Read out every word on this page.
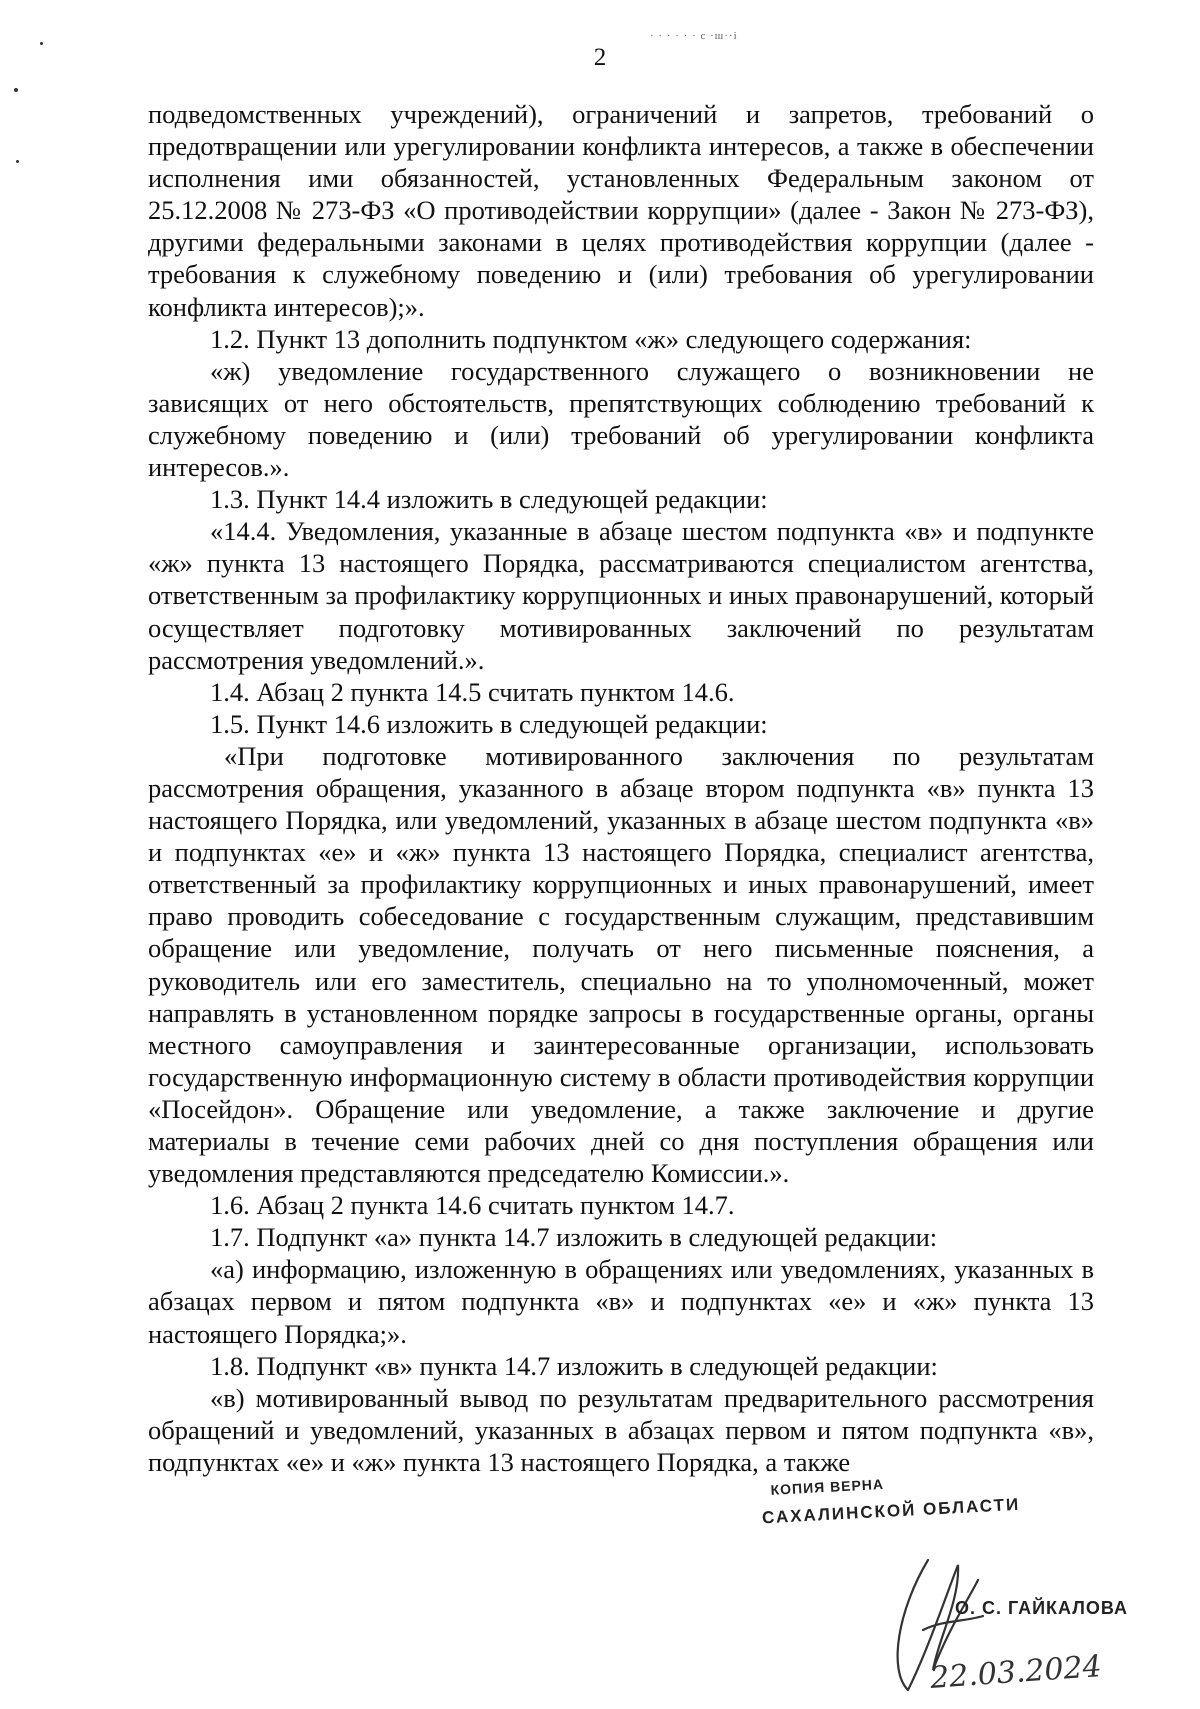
· · · · · · с ·ш··і
2

подведомственных учреждений), ограничений и запретов, требований о предотвращении или урегулировании конфликта интересов, а также в обеспечении исполнения ими обязанностей, установленных Федеральным законом от 25.12.2008 № 273-ФЗ «О противодействии коррупции» (далее - Закон № 273-ФЗ), другими федеральными законами в целях противодействия коррупции (далее - требования к служебному поведению и (или) требования об урегулировании конфликта интересов);».

1.2. Пункт 13 дополнить подпунктом «ж» следующего содержания:

«ж) уведомление государственного служащего о возникновении не зависящих от него обстоятельств, препятствующих соблюдению требований к служебному поведению и (или) требований об урегулировании конфликта интересов.».

1.3. Пункт 14.4 изложить в следующей редакции:

«14.4. Уведомления, указанные в абзаце шестом подпункта «в» и подпункте «ж» пункта 13 настоящего Порядка, рассматриваются специалистом агентства, ответственным за профилактику коррупционных и иных правонарушений, который осуществляет подготовку мотивированных заключений по результатам рассмотрения уведомлений.».

1.4. Абзац 2 пункта 14.5 считать пунктом 14.6.

1.5. Пункт 14.6 изложить в следующей редакции:

«При подготовке мотивированного заключения по результатам рассмотрения обращения, указанного в абзаце втором подпункта «в» пункта 13 настоящего Порядка, или уведомлений, указанных в абзаце шестом подпункта «в» и подпунктах «е» и «ж» пункта 13 настоящего Порядка, специалист агентства, ответственный за профилактику коррупционных и иных правонарушений, имеет право проводить собеседование с государственным служащим, представившим обращение или уведомление, получать от него письменные пояснения, а руководитель или его заместитель, специально на то уполномоченный, может направлять в установленном порядке запросы в государственные органы, органы местного самоуправления и заинтересованные организации, использовать государственную информационную систему в области противодействия коррупции «Посейдон». Обращение или уведомление, а также заключение и другие материалы в течение семи рабочих дней со дня поступления обращения или уведомления представляются председателю Комиссии.».

1.6. Абзац 2 пункта 14.6 считать пунктом 14.7.

1.7. Подпункт «а» пункта 14.7 изложить в следующей редакции:

«а) информацию, изложенную в обращениях или уведомлениях, указанных в абзацах первом и пятом подпункта «в» и подпунктах «е» и «ж» пункта 13 настоящего Порядка;».

1.8. Подпункт «в» пункта 14.7 изложить в следующей редакции:

«в) мотивированный вывод по результатам предварительного рассмотрения обращений и уведомлений, указанных в абзацах первом и пятом подпункта «в», подпунктах «е» и «ж» пункта 13 настоящего Порядка, а также

КОПИЯ ВЕРНА
САХАЛИНСКОЙ ОБЛАСТИ
О. С. ГАЙКАЛОВА
22.03.2024
